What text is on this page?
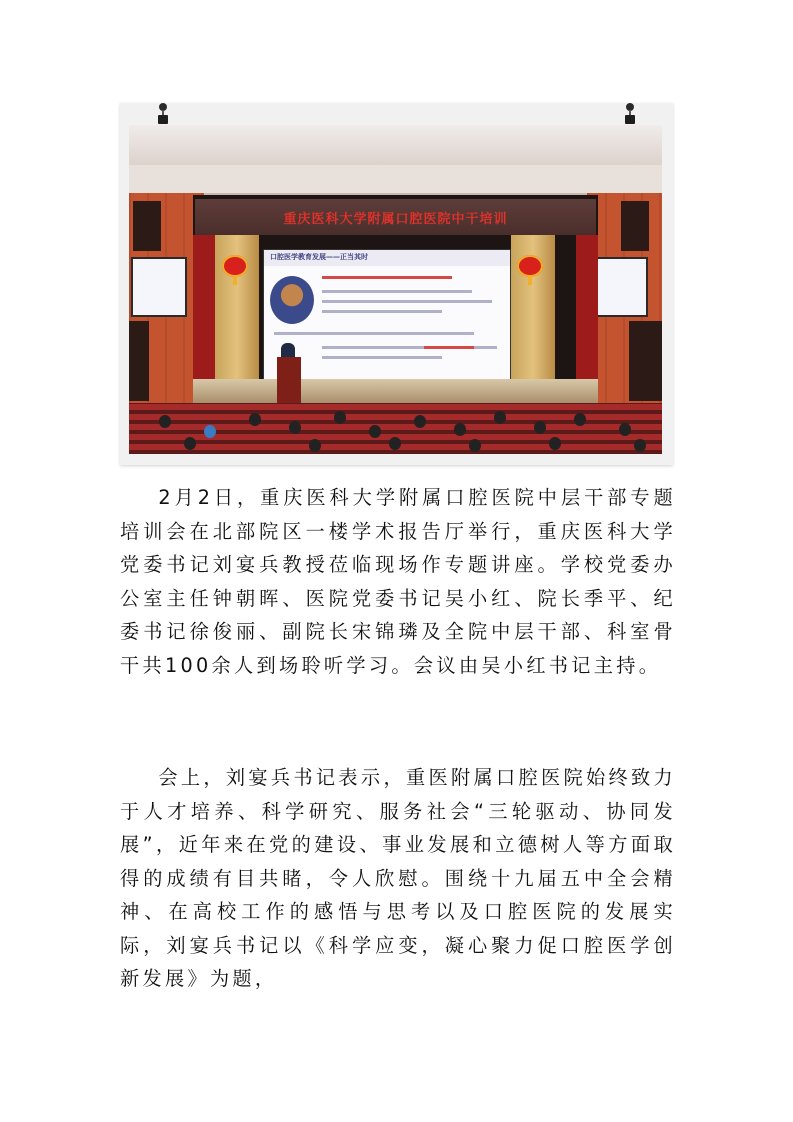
重庆医科大学附属口腔医院中干培训
口腔医学教育发展——正当其时

2月2日，重庆医科大学附属口腔医院中层干部专题培训会在北部院区一楼学术报告厅举行，重庆医科大学党委书记刘宴兵教授莅临现场作专题讲座。学校党委办公室主任钟朝晖、医院党委书记吴小红、院长季平、纪委书记徐俊丽、副院长宋锦璘及全院中层干部、科室骨干共100余人到场聆听学习。会议由吴小红书记主持。

会上，刘宴兵书记表示，重医附属口腔医院始终致力于人才培养、科学研究、服务社会“三轮驱动、协同发展”，近年来在党的建设、事业发展和立德树人等方面取得的成绩有目共睹，令人欣慰。围绕十九届五中全会精神、在高校工作的感悟与思考以及口腔医院的发展实际，刘宴兵书记以《科学应变，凝心聚力促口腔医学创新发展》为题，
